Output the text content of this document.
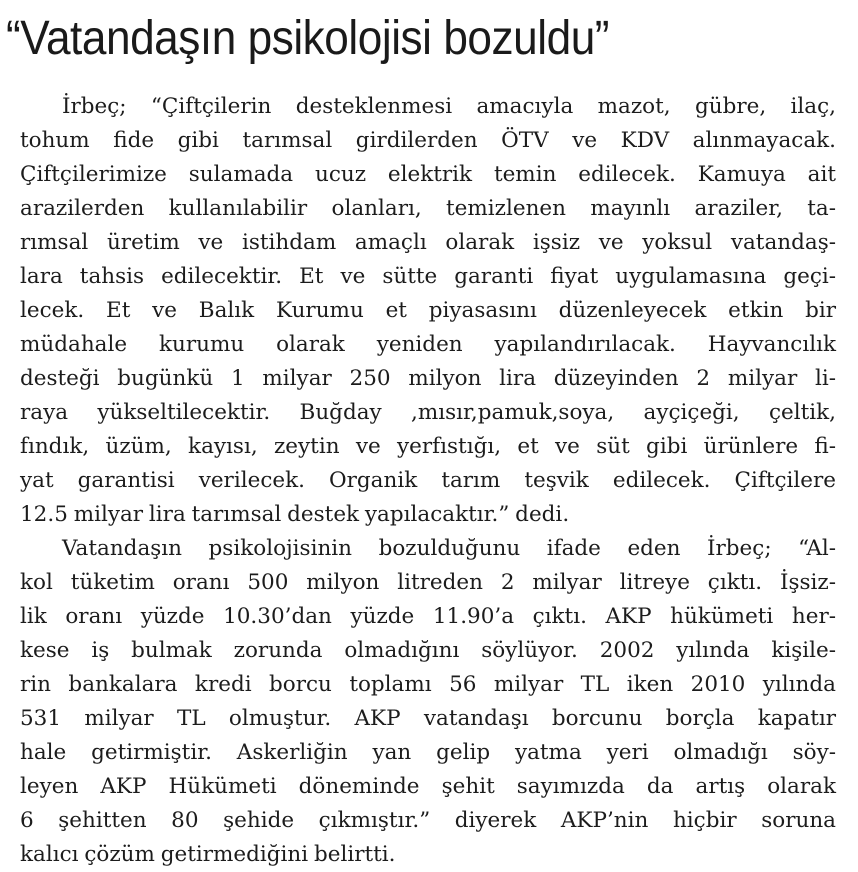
“Vatandaşın psikolojisi bozuldu”
İrbeç; “Çiftçilerin desteklenmesi amacıyla mazot, gübre, ilaç,
tohum fide gibi tarımsal girdilerden ÖTV ve KDV alınmayacak.
Çiftçilerimize sulamada ucuz elektrik temin edilecek. Kamuya ait
arazilerden kullanılabilir olanları, temizlenen mayınlı araziler, ta-
rımsal üretim ve istihdam amaçlı olarak işsiz ve yoksul vatandaş-
lara tahsis edilecektir. Et ve sütte garanti fiyat uygulamasına geçi-
lecek. Et ve Balık Kurumu et piyasasını düzenleyecek etkin bir
müdahale kurumu olarak yeniden yapılandırılacak. Hayvancılık
desteği bugünkü 1 milyar 250 milyon lira düzeyinden 2 milyar li-
raya yükseltilecektir. Buğday ,mısır,pamuk,soya, ayçiçeği, çeltik,
fındık, üzüm, kayısı, zeytin ve yerfıstığı, et ve süt gibi ürünlere fi-
yat garantisi verilecek. Organik tarım teşvik edilecek. Çiftçilere
12.5 milyar lira tarımsal destek yapılacaktır.” dedi.
Vatandaşın psikolojisinin bozulduğunu ifade eden İrbeç; “Al-
kol tüketim oranı 500 milyon litreden 2 milyar litreye çıktı. İşsiz-
lik oranı yüzde 10.30’dan yüzde 11.90’a çıktı. AKP hükümeti her-
kese iş bulmak zorunda olmadığını söylüyor. 2002 yılında kişile-
rin bankalara kredi borcu toplamı 56 milyar TL iken 2010 yılında
531 milyar TL olmuştur. AKP vatandaşı borcunu borçla kapatır
hale getirmiştir. Askerliğin yan gelip yatma yeri olmadığı söy-
leyen AKP Hükümeti döneminde şehit sayımızda da artış olarak
6 şehitten 80 şehide çıkmıştır.” diyerek AKP’nin hiçbir soruna
kalıcı çözüm getirmediğini belirtti.
